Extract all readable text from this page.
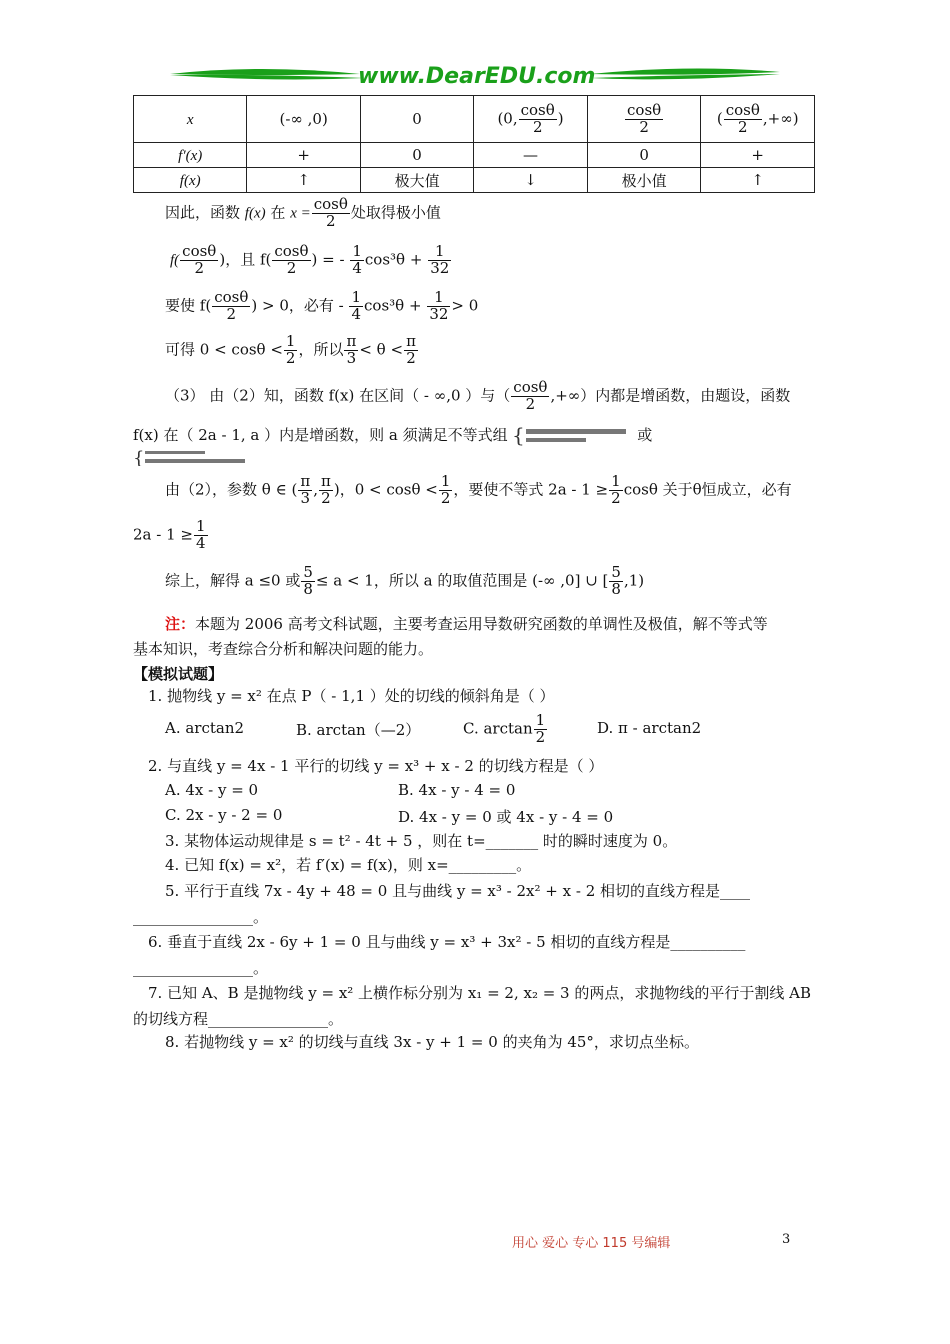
www.DearEDU.com
x	(-∞ ,0)	0	(0, $\frac{\cos\theta}{2}$ )	$\frac{\cos\theta}{2}$	( $\frac{\cos\theta}{2}$ ,+∞)
f′(x)	+	0	—	0	+
f(x)	↑	极大值	↓	极小值	↑
因此，函数 f(x) 在 $x = \frac{\cos\theta}{2}$ 处取得极小值
$f( \frac{\cos\theta}{2}$ )，且 $f( \frac{\cos\theta}{2}$ ) = - $\frac{1}{4} \cos^3\theta + \frac{1}{32}$
要使 $f( \frac{\cos\theta}{2}$ ) > 0，必有 - $\frac{1}{4} \cos^3\theta + \frac{1}{32} > 0$
可得 $0 < \cos\theta < \frac{1}{2}$ ，所以 $\frac{\pi}{3} < \theta < \frac{\pi}{2}$
（3） 由（2）知，函数 f(x) 在区间（ - ∞,0 ）与（ $\frac{\cos\theta}{2}$ ,+∞）内都是增函数，由题设，函数
f(x) 在（ 2a - 1, a ）内是增函数，则 a 须满足不等式组 {	或
{
由（2），参数 θ ∈ ( $\frac{\pi}{3}$ , $\frac{\pi}{2}$ )，$0 < \cos\theta < \frac{1}{2}$ ，要使不等式 $2a - 1 \ge \frac{1}{2}$ cosθ 关于θ恒成立，必有
$2a - 1 \ge \frac{1}{4}$
综上，解得 a ≤0 或 $\frac{5}{8} \le a < 1$，所以 a 的取值范围是 (-∞ ,0] ∪ [ $\frac{5}{8} ,1$)
注：本题为 2006 高考文科试题，主要考查运用导数研究函数的单调性及极值，解不等式等
基本知识，考查综合分析和解决问题的能力。
【模拟试题】
1. 抛物线 y = x² 在点 P（ - 1,1 ）处的切线的倾斜角是（ ）
A. arctan2	B. arctan（—2）	C. $\arctan \frac{1}{2}$	D. π - arctan2
2. 与直线 y = 4x - 1 平行的切线 y = x³ + x - 2 的切线方程是（ ）
A. 4x - y = 0	B. 4x - y - 4 = 0
C. 2x - y - 2 = 0	D. 4x - y = 0 或 4x - y - 4 = 0
3. 某物体运动规律是 s = t² - 4t + 5 ，则在 t=_______ 时的瞬时速度为 0。
4. 已知 f(x) = x²，若 f′(x) = f(x)，则 x=_________。
5. 平行于直线 7x - 4y + 48 = 0 且与曲线 y = x³ - 2x² + x - 2 相切的直线方程是____
________________。
6. 垂直于直线 2x - 6y + 1 = 0 且与曲线 y = x³ + 3x² - 5 相切的直线方程是__________
________________。
7. 已知 A、B 是抛物线 y = x² 上横作标分别为 x₁ = 2, x₂ = 3 的两点，求抛物线的平行于割线 AB
的切线方程________________。
8. 若抛物线 y = x² 的切线与直线 3x - y + 1 = 0 的夹角为 45°，求切点坐标。
用心 爱心 专心 115 号编辑	3
